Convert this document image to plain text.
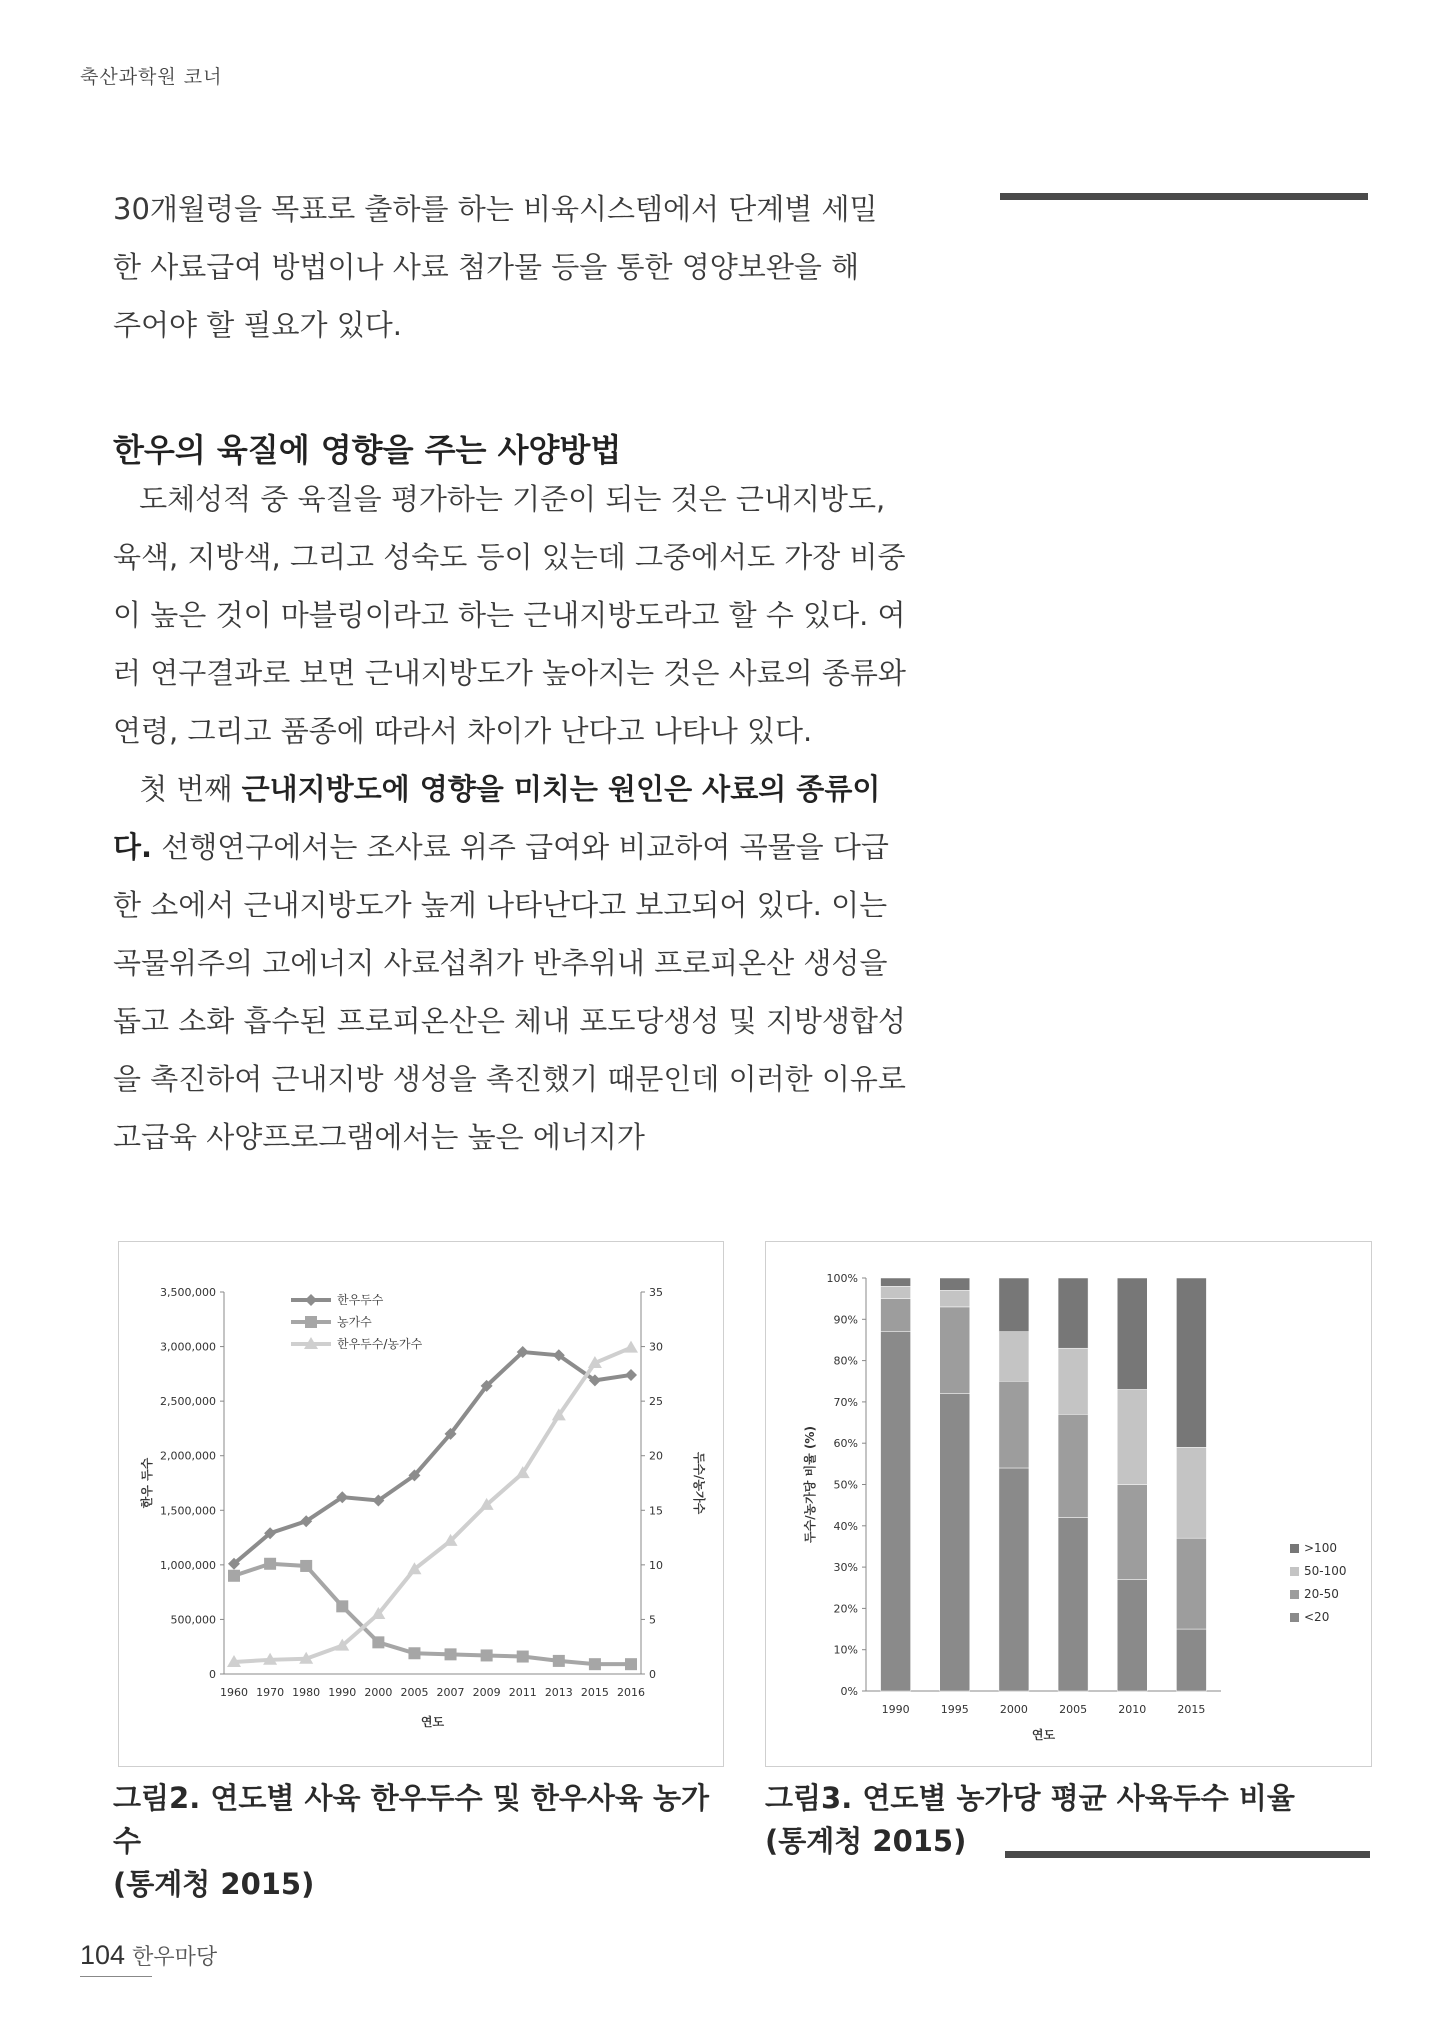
축산과학원 코너
30개월령을 목표로 출하를 하는 비육시스템에서 단계별 세밀
한 사료급여 방법이나 사료 첨가물 등을 통한 영양보완을 해
주어야 할 필요가 있다.
한우의 육질에 영향을 주는 사양방법

도체성적 중 육질을 평가하는 기준이 되는 것은 근내지방도, 육색, 지방색, 그리고 성숙도 등이 있는데 그중에서도 가장 비중이 높은 것이 마블링이라고 하는 근내지방도라고 할 수 있다. 여러 연구결과로 보면 근내지방도가 높아지는 것은 사료의 종류와 연령, 그리고 품종에 따라서 차이가 난다고 나타나 있다.

첫 번째 근내지방도에 영향을 미치는 원인은 사료의 종류이다. 선행연구에서는 조사료 위주 급여와 비교하여 곡물을 다급한 소에서 근내지방도가 높게 나타난다고 보고되어 있다. 이는 곡물위주의 고에너지 사료섭취가 반추위내 프로피온산 생성을 돕고 소화 흡수된 프로피온산은 체내 포도당생성 및 지방생합성을 촉진하여 근내지방 생성을 촉진했기 때문인데 이러한 이유로 고급육 사양프로그램에서는 높은 에너지가

0
500,000
1,000,000
1,500,000
2,000,000
2,500,000
3,000,000
3,500,000
0
5
10
15
20
25
30
35
1960 1970 1980 1990 2000 2005 2007 2009 2011 2013 2015 2016
연도
한우 두수	두수/농가수
한우두수
농가수
한우두수/농가수
0%
10%
20%
30%
40%
50%
60%
70%
80%
90%
100%
1990	1995	2000	2005	2010	2015
연도
두수/농가당 비율 (%)
>100
50-100
20-50
<20
그림2. 연도별 사육 한우두수 및 한우사육 농가수
(통계청 2015)
그림3. 연도별 농가당 평균 사육두수 비율
(통계청 2015)
104 한우마당
